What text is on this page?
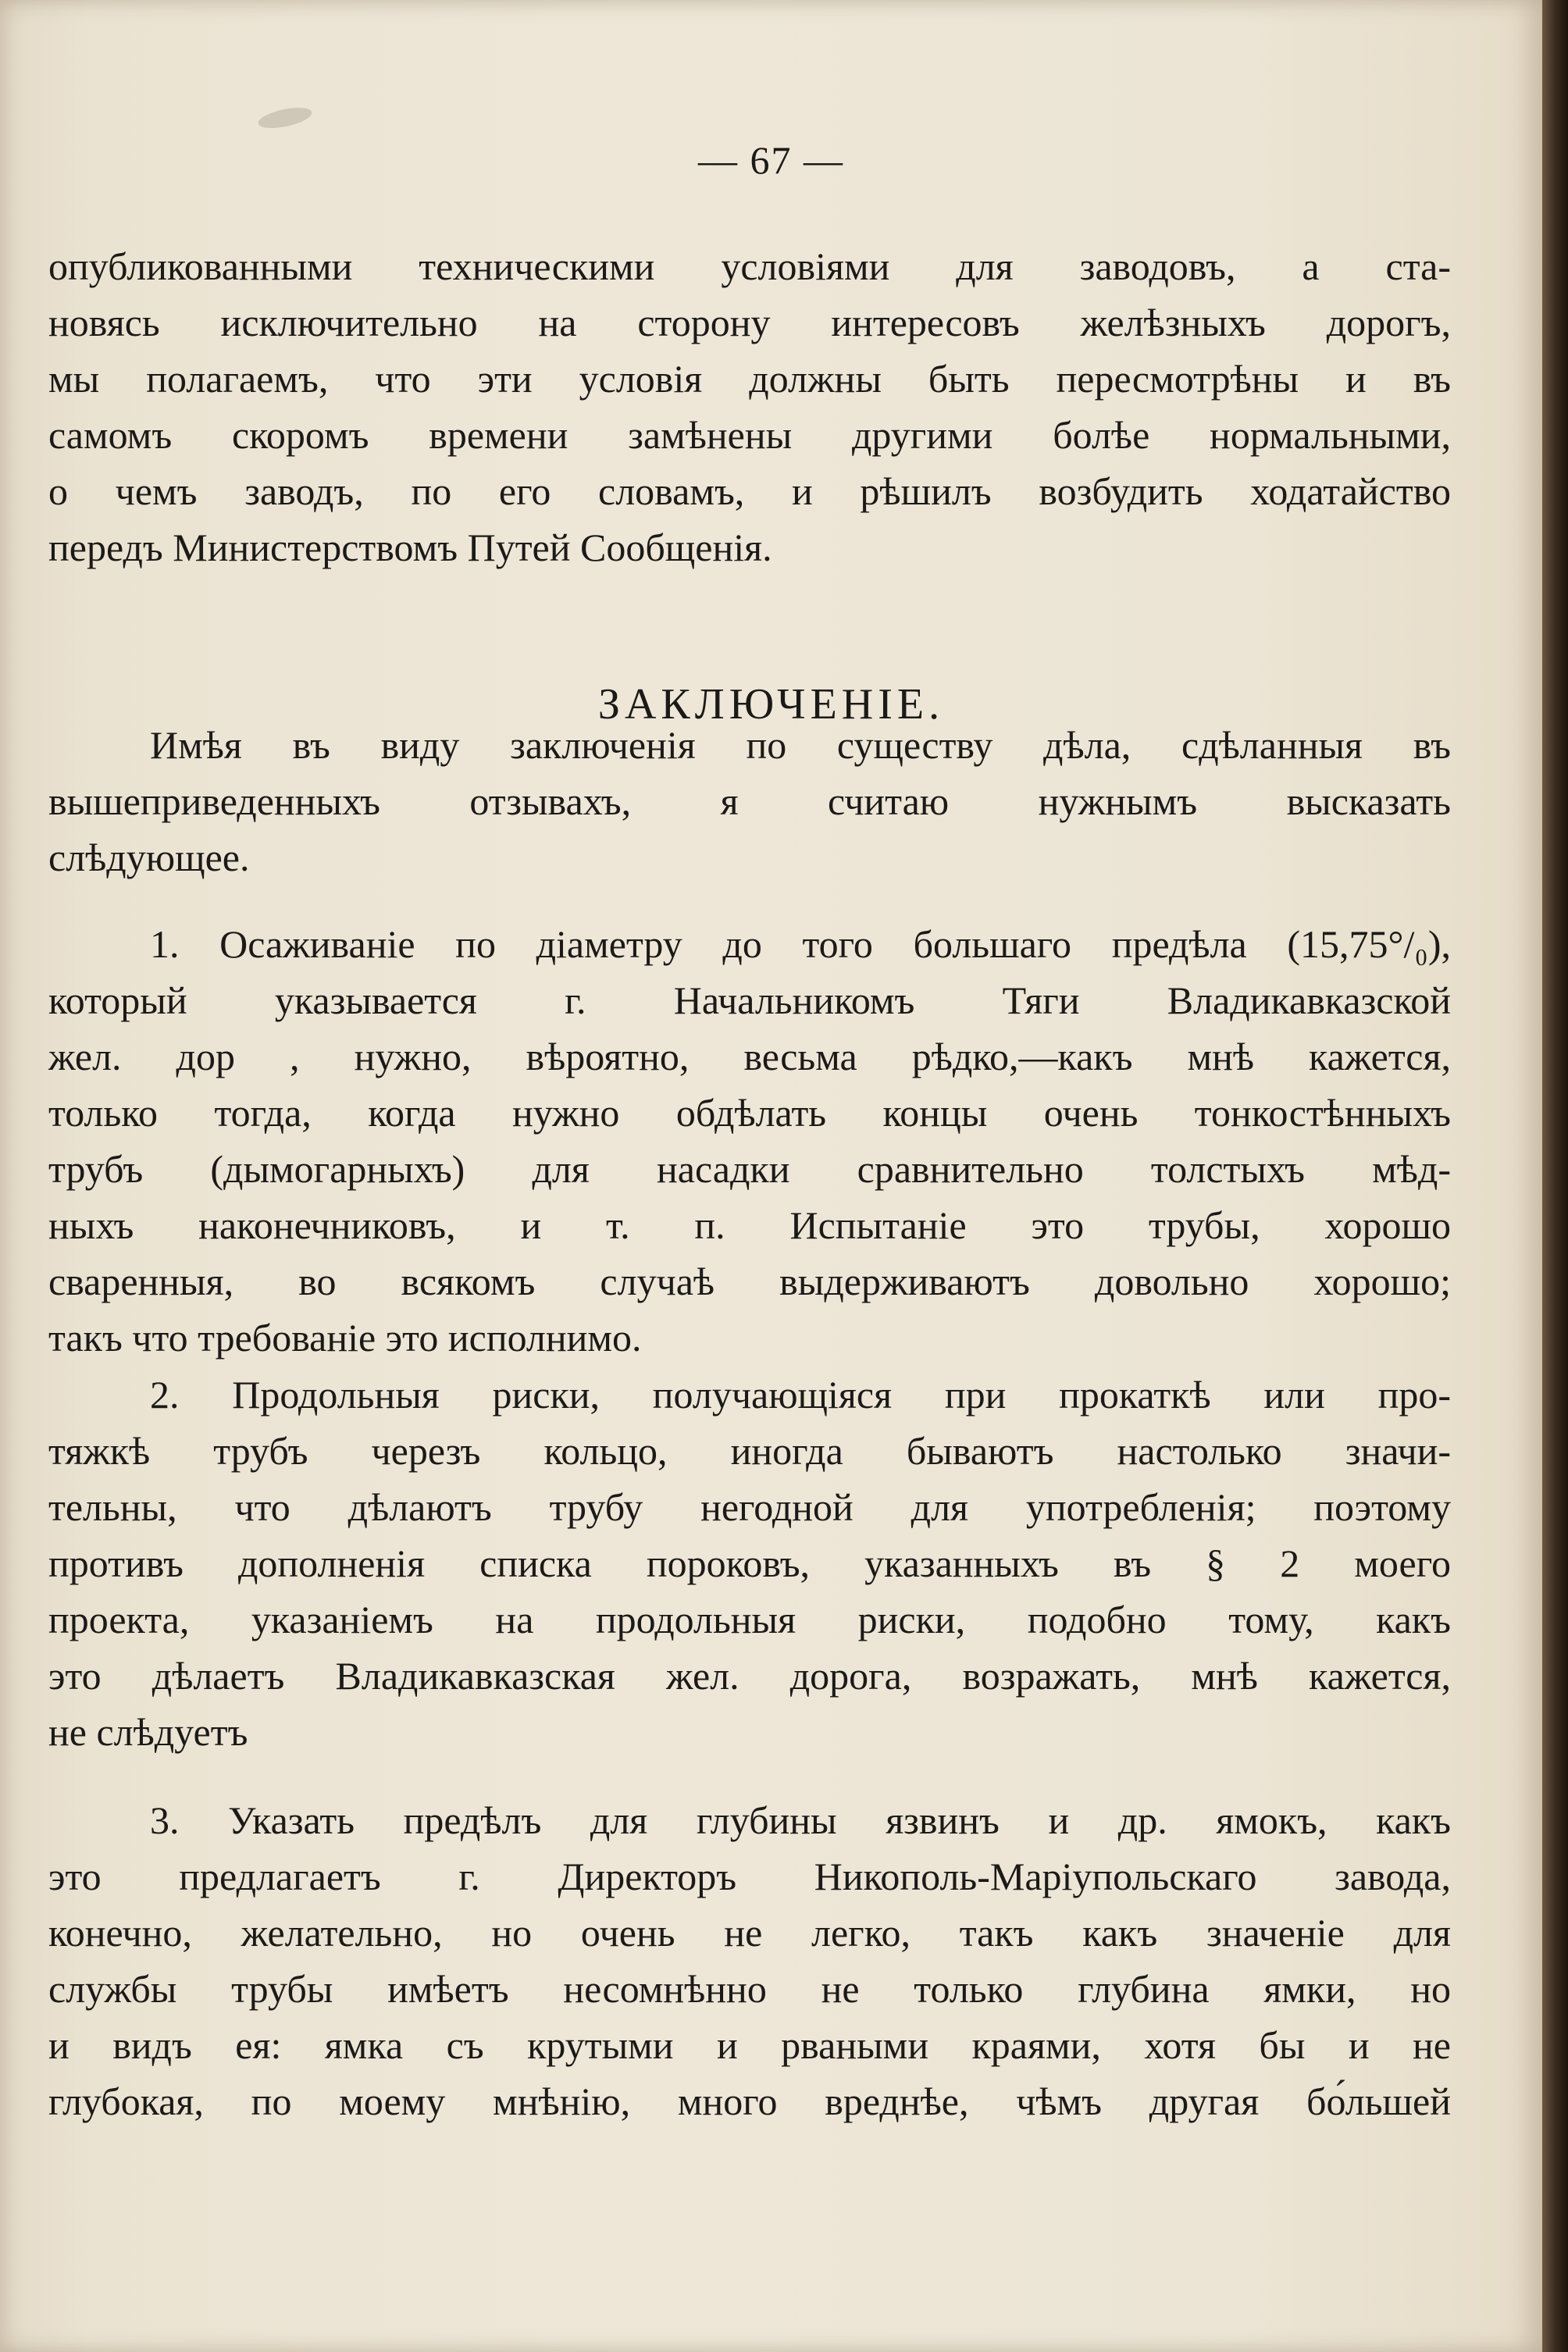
— 67 —
опубликованными техническими условіями для заводовъ, а ста-
новясь исключительно на сторону интересовъ желѣзныхъ дорогъ,
мы полагаемъ, что эти условія должны быть пересмотрѣны и въ
самомъ скоромъ времени замѣнены другими болѣе нормальными,
о чемъ заводъ, по его словамъ, и рѣшилъ возбудить ходатайство
передъ Министерствомъ Путей Сообщенія.
ЗАКЛЮЧЕНІЕ.
Имѣя въ виду заключенія по существу дѣла, сдѣланныя въ
вышеприведенныхъ отзывахъ, я считаю нужнымъ высказать
слѣдующее.
1. Осаживаніе по діаметру до того большаго предѣла (15,75°/₀),
который указывается г. Начальникомъ Тяги Владикавказской
жел. дор , нужно, вѣроятно, весьма рѣдко,—какъ мнѣ кажется,
только тогда, когда нужно обдѣлать концы очень тонкостѣнныхъ
трубъ (дымогарныхъ) для насадки сравнительно толстыхъ мѣд-
ныхъ наконечниковъ, и т. п. Испытаніе это трубы, хорошо
сваренныя, во всякомъ случаѣ выдерживаютъ довольно хорошо;
такъ что требованіе это исполнимо.
2. Продольныя риски, получающіяся при прокаткѣ или про-
тяжкѣ трубъ черезъ кольцо, иногда бываютъ настолько значи-
тельны, что дѣлаютъ трубу негодной для употребленія; поэтому
противъ дополненія списка пороковъ, указанныхъ въ § 2 моего
проекта, указаніемъ на продольныя риски, подобно тому, какъ
это дѣлаетъ Владикавказская жел. дорога, возражать, мнѣ кажется,
не слѣдуетъ
3. Указать предѣлъ для глубины язвинъ и др. ямокъ, какъ
это предлагаетъ г. Директоръ Никополь-Маріупольскаго завода,
конечно, желательно, но очень не легко, такъ какъ значеніе для
службы трубы имѣетъ несомнѣнно не только глубина ямки, но
и видъ ея: ямка съ крутыми и рваными краями, хотя бы и не
глубокая, по моему мнѣнію, много вреднѣе, чѣмъ другая бо́льшей
